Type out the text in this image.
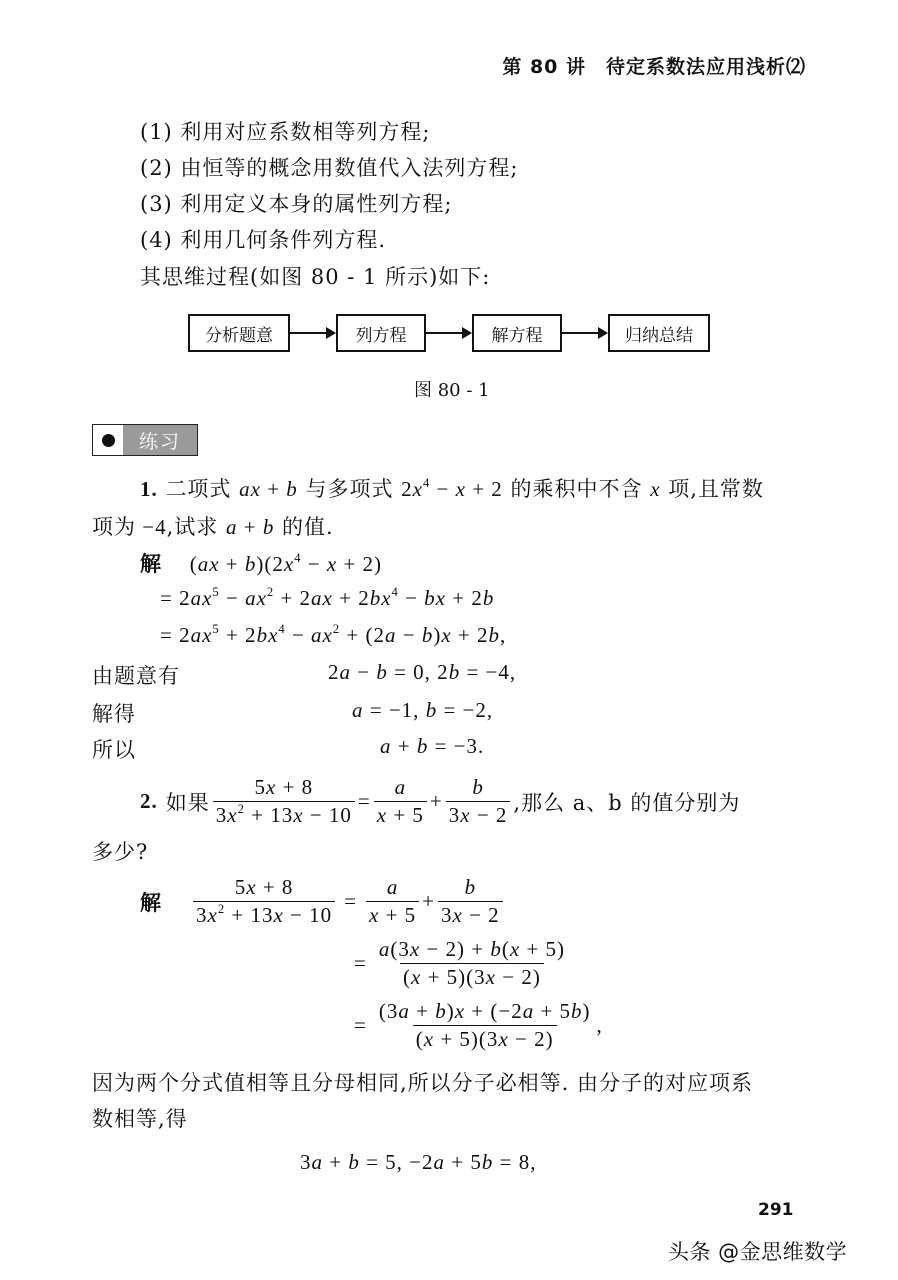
第 80 讲　待定系数法应用浅析⑵
(1) 利用对应系数相等列方程;
(2) 由恒等的概念用数值代入法列方程;
(3) 利用定义本身的属性列方程;
(4) 利用几何条件列方程.
其思维过程(如图 80 - 1 所示)如下:
分析题意	列方程	解方程	归纳总结
图 80 - 1
练习
1. 二项式 ax + b 与多项式 $2x^4 - x + 2$ 的乘积中不含 x 项,且常数
项为 −4,试求 a + b 的值.
解 $(ax + b)(2x^4 - x + 2)$
= $2ax^5 - ax^2 + 2ax + 2bx^4$ − bx + 2b
= $2ax^5 + 2bx^4 - ax^2 + (2a - b)x + 2b$,
由题意有	2a − b = 0, 2b = −4,
解得	a = −1, b = −2,
所以	a + b = −3.
2. 如果 $\frac{5x + 8}{3x^2 + 13x - 10} = \frac{a}{x + 5} + \frac{b}{3x - 2}$ ,那么 a、b 的值分别为
多少?
解 $\frac{5x + 8}{3x^2 + 13x - 10} = \frac{a}{x + 5} + \frac{b}{3x - 2}$
= $\frac{a(3x - 2) + b(x + 5)}{(x + 5)(3x - 2)}$
= $\frac{(3a + b)x + (-2a + 5b)}{(x + 5)(3x - 2)}$ ,
因为两个分式值相等且分母相同,所以分子必相等. 由分子的对应项系
数相等,得
3a + b = 5, −2a + 5b = 8,
291
头条 @金思维数学
